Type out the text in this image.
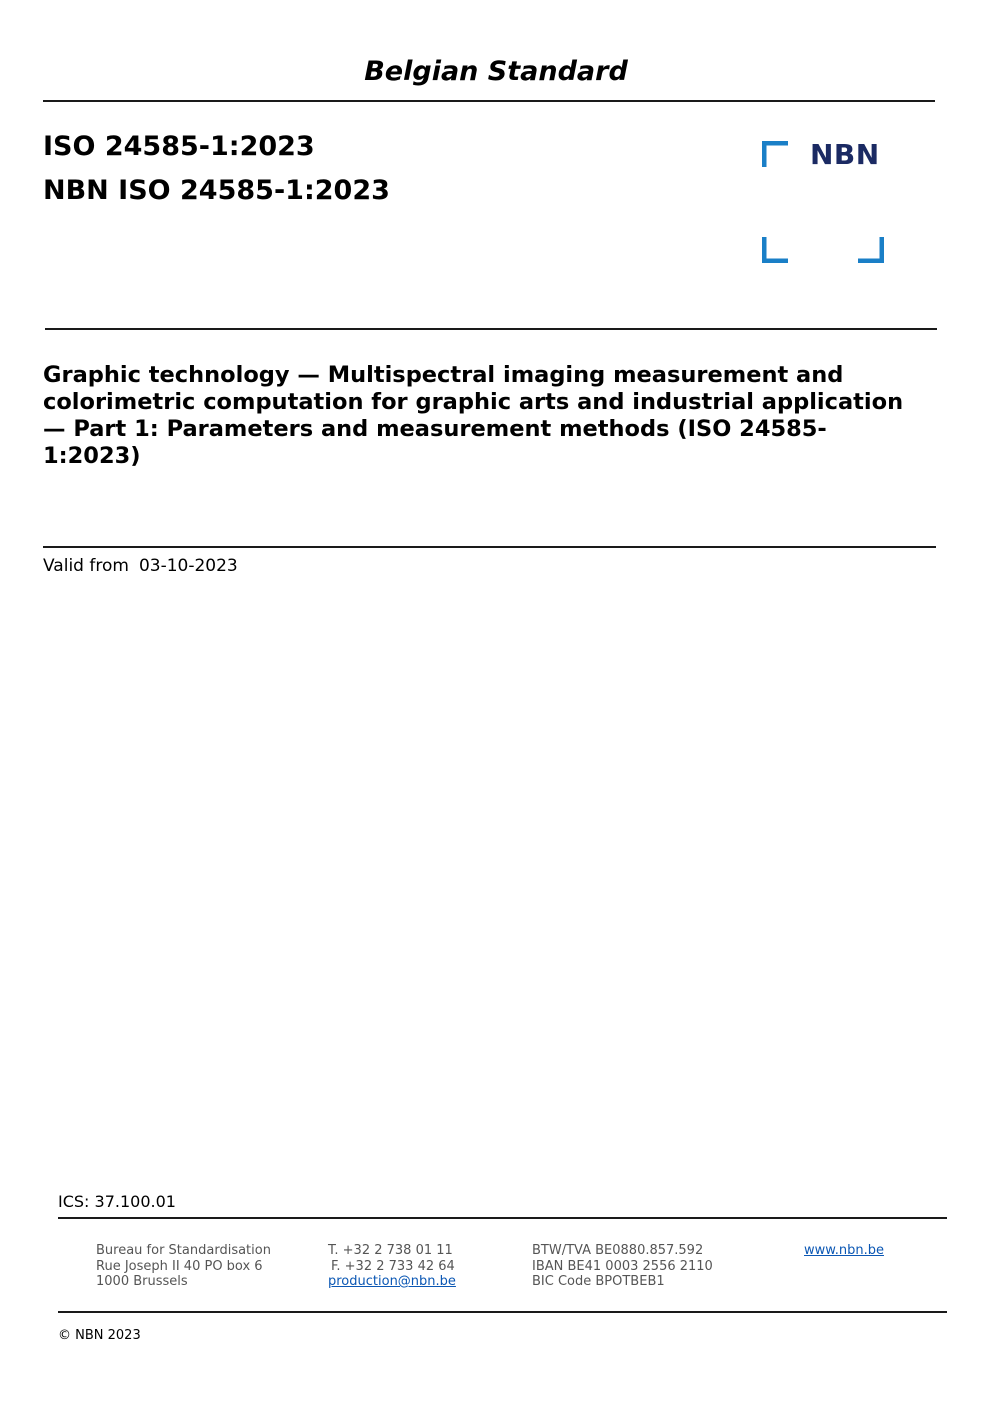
Belgian Standard
ISO 24585-1:2023
NBN ISO 24585-1:2023
NBN
Graphic technology — Multispectral imaging measurement and colorimetric computation for graphic arts and industrial application — Part 1: Parameters and measurement methods (ISO 24585-1:2023)
Valid from 03-10-2023
ICS: 37.100.01
Bureau for Standardisation
Rue Joseph II 40 PO box 6
1000 Brussels
T. +32 2 738 01 11
F. +32 2 733 42 64
production@nbn.be
BTW/TVA BE0880.857.592
IBAN BE41 0003 2556 2110
BIC Code BPOTBEB1
www.nbn.be
© NBN 2023
